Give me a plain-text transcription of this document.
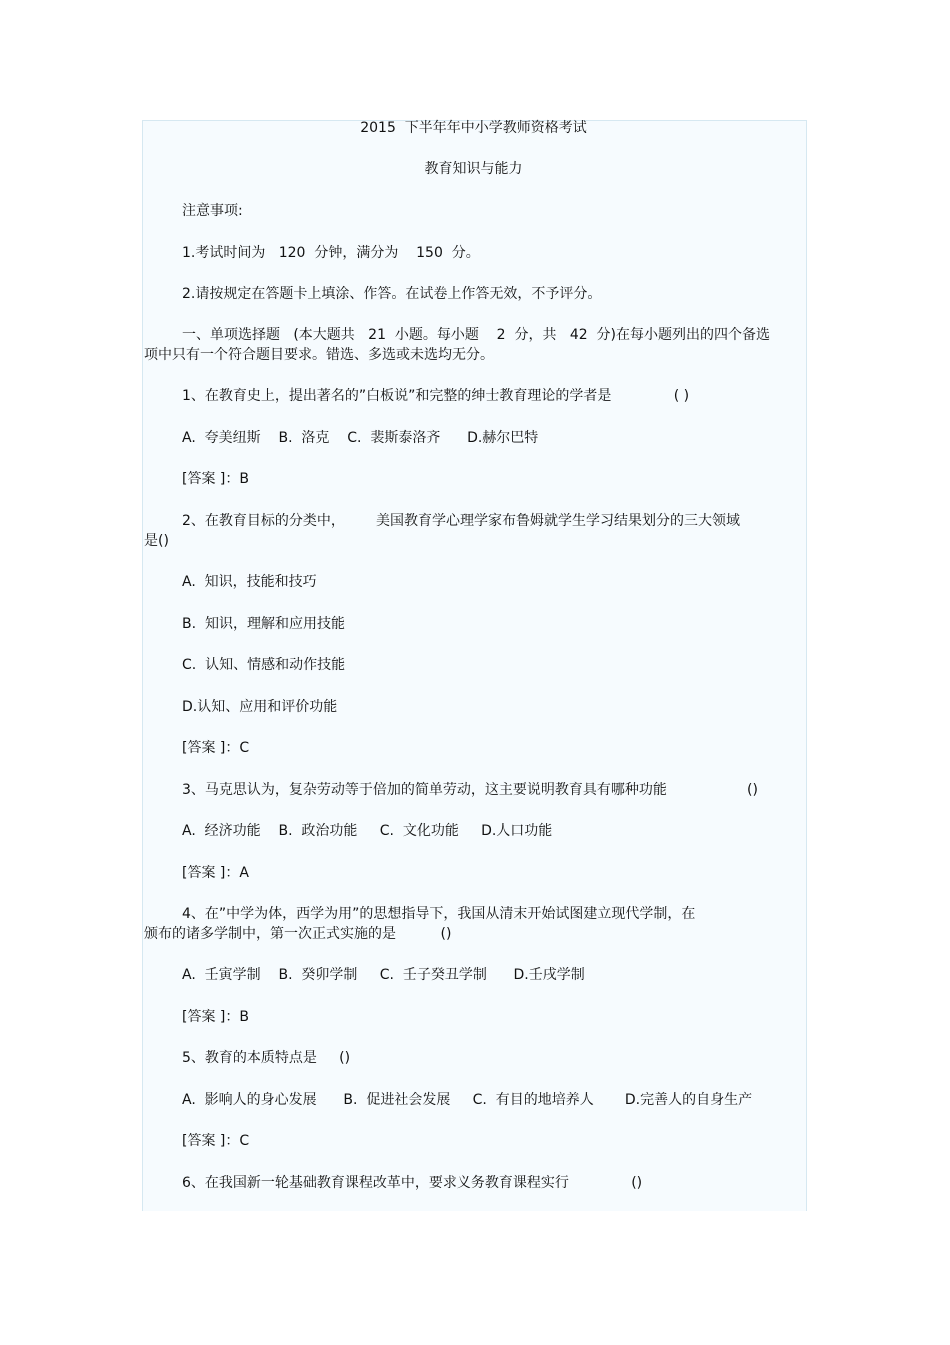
2015  下半年年中小学教师资格考试
教育知识与能力
注意事项:
1.考试时间为   120  分钟，满分为    150  分。
2.请按规定在答题卡上填涂、作答。在试卷上作答无效，不予评分。
一、单项选择题   (本大题共   21  小题。每小题    2  分，共   42  分)在每小题列出的四个备选
项中只有一个符合题目要求。错选、多选或未选均无分。
1、在教育史上，提出著名的”白板说”和完整的绅士教育理论的学者是              ( )
A.  夸美纽斯    B.  洛克    C.  裴斯泰洛齐      D.赫尔巴特
[答案 ]：B
2、在教育目标的分类中，       美国教育学心理学家布鲁姆就学生学习结果划分的三大领域
是()
A.  知识，技能和技巧
B.  知识，理解和应用技能
C.  认知、情感和动作技能
D.认知、应用和评价功能
[答案 ]：C
3、马克思认为，复杂劳动等于倍加的简单劳动，这主要说明教育具有哪种功能                  ()
A.  经济功能    B.  政治功能     C.  文化功能     D.人口功能
[答案 ]：A
4、在”中学为体，西学为用”的思想指导下，我国从清末开始试图建立现代学制，在
颁布的诸多学制中，第一次正式实施的是          ()
A.  壬寅学制    B.  癸卯学制     C.  壬子癸丑学制      D.壬戌学制
[答案 ]：B
5、教育的本质特点是     ()
A.  影响人的身心发展      B.  促进社会发展     C.  有目的地培养人       D.完善人的自身生产
[答案 ]：C
6、在我国新一轮基础教育课程改革中，要求义务教育课程实行              ()
